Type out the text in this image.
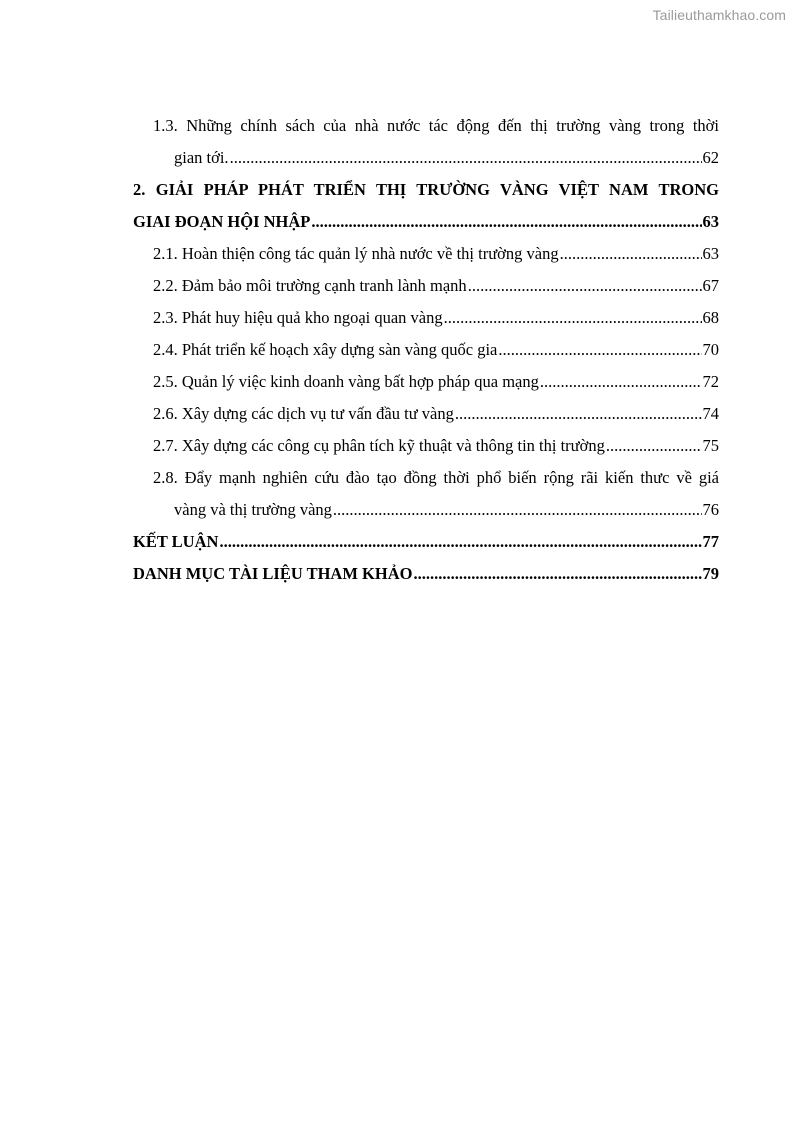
Tailieuthamkhao.com
1.3. Những chính sách của nhà nước tác động đến thị trường vàng trong thời
gian tới. .....	62
2. GIẢI PHÁP PHÁT TRIỂN THỊ TRƯỜNG VÀNG VIỆT NAM TRONG
GIAI ĐOẠN HỘI NHẬP .....	63
2.1. Hoàn thiện công tác quản lý nhà nước về thị trường vàng .....	63
2.2. Đảm bảo môi trường cạnh tranh lành mạnh .....	67
2.3. Phát huy hiệu quả kho ngoại quan vàng .....	68
2.4. Phát triển kế hoạch xây dựng sàn vàng quốc gia .....	70
2.5. Quản lý việc kinh doanh vàng bất hợp pháp qua mạng .....	72
2.6. Xây dựng các dịch vụ tư vấn đầu tư vàng .....	74
2.7. Xây dựng các công cụ phân tích kỹ thuật và thông tin thị trường .....	75
2.8. Đẩy mạnh nghiên cứu đào tạo đồng thời phổ biến rộng rãi kiến thưc về giá
vàng và thị trường vàng .....	76
KẾT LUẬN .....	77
DANH MỤC TÀI LIỆU THAM KHẢO .....	79
